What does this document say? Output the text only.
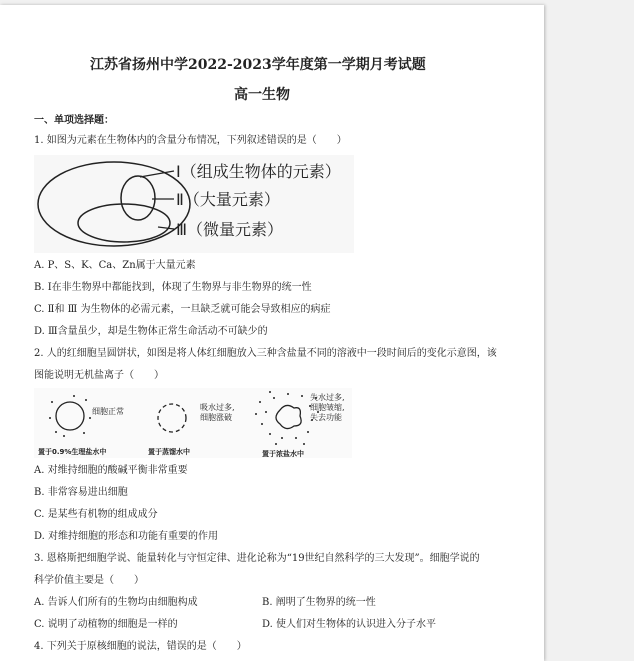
江苏省扬州中学2022-2023学年度第一学期月考试题
高一生物
一、单项选择题：
1. 如图为元素在生物体内的含量分布情况，下列叙述错误的是（　　）
Ⅰ（组成生物体的元素）
Ⅱ（大量元素）
Ⅲ（微量元素）
A. P、S、K、Ca、Zn属于大量元素
B. Ⅰ在非生物界中都能找到，体现了生物界与非生物界的统一性
C. Ⅱ和 Ⅲ 为生物体的必需元素，一旦缺乏就可能会导致相应的病症
D. Ⅲ含量虽少，却是生物体正常生命活动不可缺少的
2. 人的红细胞呈圆饼状，如图是将人体红细胞放入三种含盐量不同的溶液中一段时间后的变化示意图，该
图能说明无机盐离子（　　）
细胞正常
置于0.9%生理盐水中
吸水过多,
细胞涨破
置于蒸馏水中
失水过多,
细胞皱缩,
失去功能
置于浓盐水中
A. 对维持细胞的酸碱平衡非常重要
B. 非常容易进出细胞
C. 是某些有机物的组成成分
D. 对维持细胞的形态和功能有重要的作用
3. 恩格斯把细胞学说、能量转化与守恒定律、进化论称为“19世纪自然科学的三大发现”。细胞学说的
科学价值主要是（　　）
A. 告诉人们所有的生物均由细胞构成	B. 阐明了生物界的统一性
C. 说明了动植物的细胞是一样的	D. 使人们对生物体的认识进入分子水平
4. 下列关于原核细胞的说法，错误的是（　　）
